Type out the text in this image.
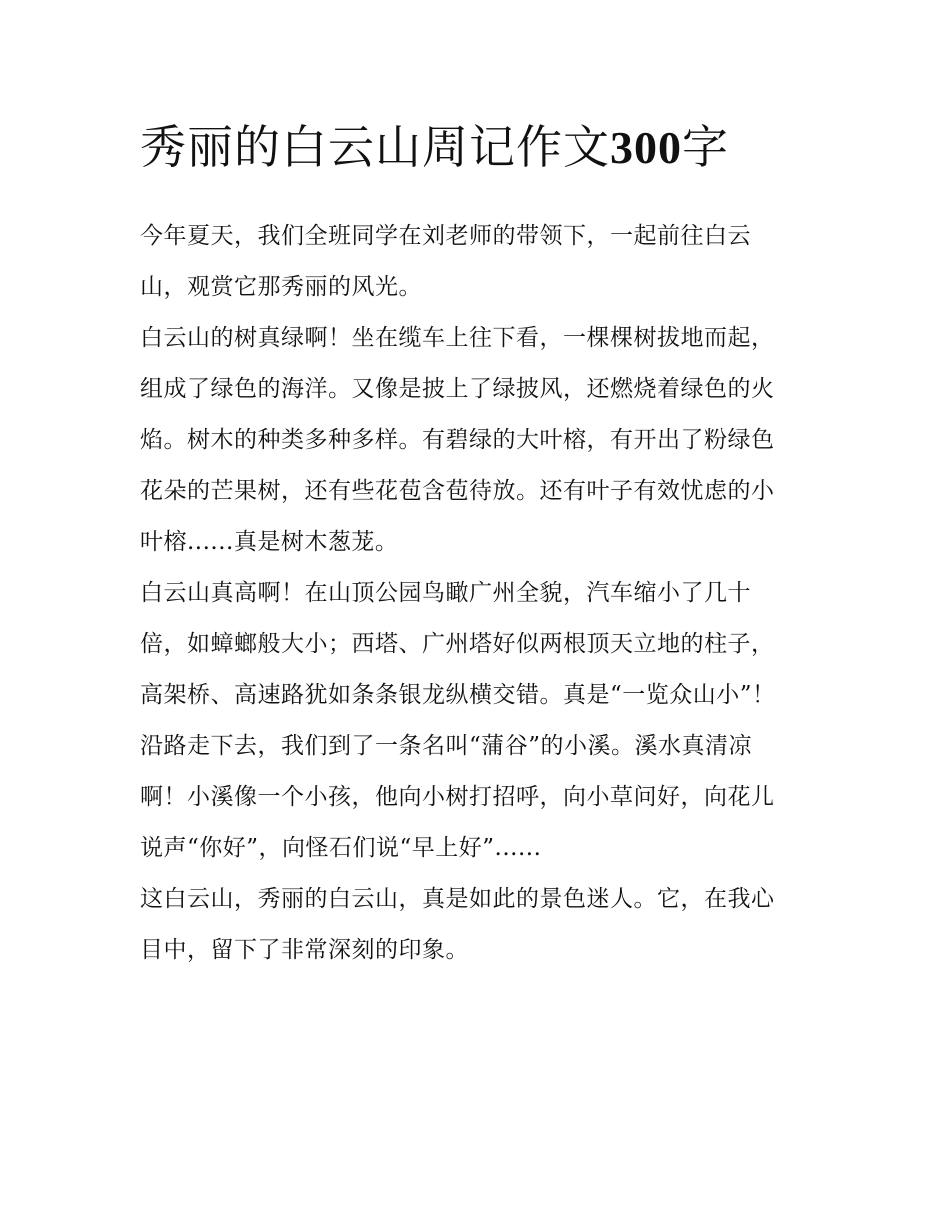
秀丽的白云山周记作文300字

今年夏天，我们全班同学在刘老师的带领下，一起前往白云
山，观赏它那秀丽的风光。

白云山的树真绿啊！坐在缆车上往下看，一棵棵树拔地而起，
组成了绿色的海洋。又像是披上了绿披风，还燃烧着绿色的火
焰。树木的种类多种多样。有碧绿的大叶榕，有开出了粉绿色
花朵的芒果树，还有些花苞含苞待放。还有叶子有效忧虑的小
叶榕......真是树木葱茏。

白云山真高啊！在山顶公园鸟瞰广州全貌，汽车缩小了几十
倍，如蟑螂般大小；西塔、广州塔好似两根顶天立地的柱子，
高架桥、高速路犹如条条银龙纵横交错。真是“一览众山小”！
沿路走下去，我们到了一条名叫“蒲谷”的小溪。溪水真清凉
啊！小溪像一个小孩，他向小树打招呼，向小草问好，向花儿
说声“你好”，向怪石们说“早上好”......

这白云山，秀丽的白云山，真是如此的景色迷人。它，在我心
目中，留下了非常深刻的印象。
